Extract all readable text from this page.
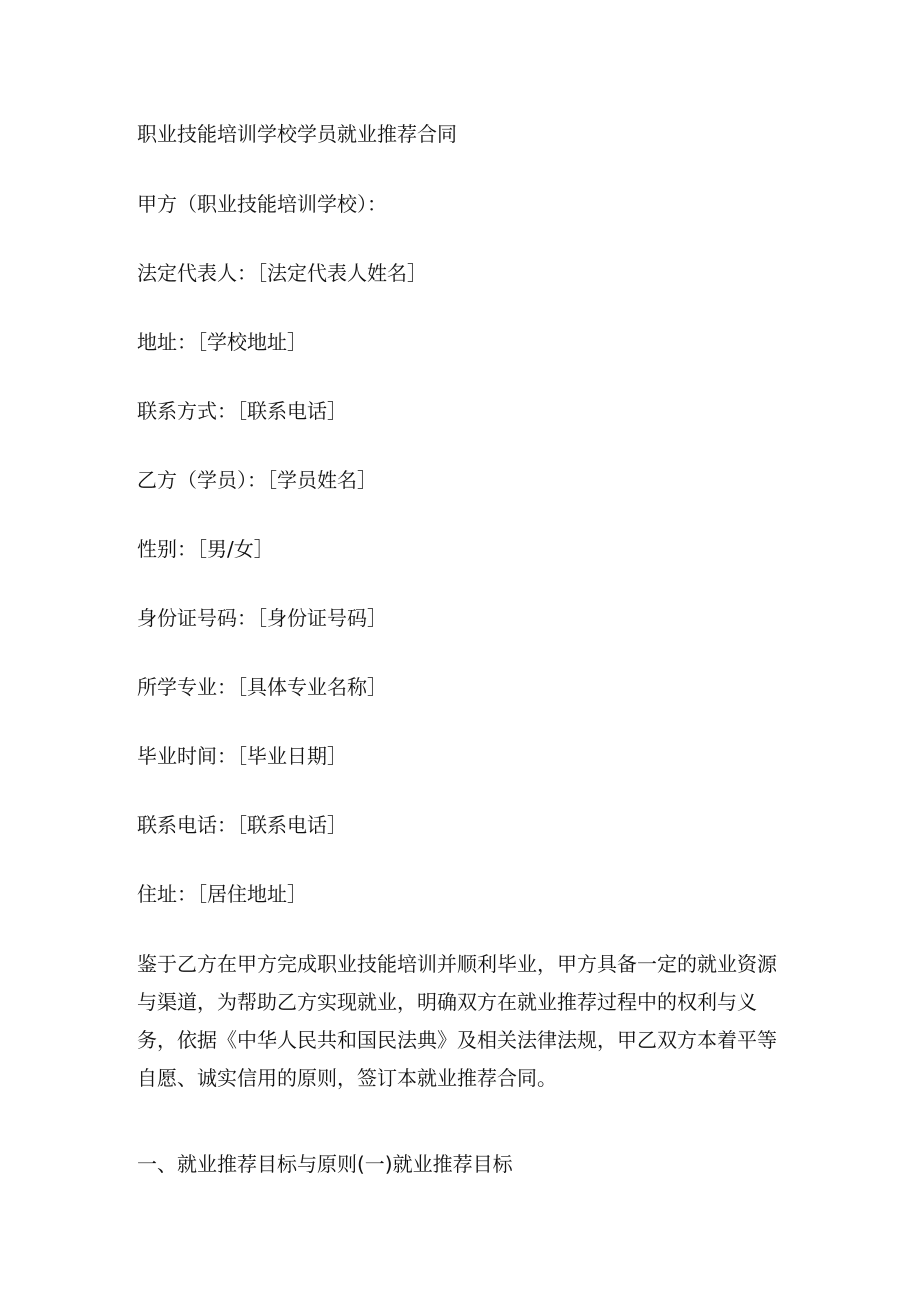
职业技能培训学校学员就业推荐合同
甲方（职业技能培训学校）：
法定代表人：［法定代表人姓名］
地址：［学校地址］
联系方式：［联系电话］
乙方（学员）：［学员姓名］
性别：［男/女］
身份证号码：［身份证号码］
所学专业：［具体专业名称］
毕业时间：［毕业日期］
联系电话：［联系电话］
住址：［居住地址］
鉴于乙方在甲方完成职业技能培训并顺利毕业，甲方具备一定的就业资源
与渠道，为帮助乙方实现就业，明确双方在就业推荐过程中的权利与义
务，依据《中华人民共和国民法典》及相关法律法规，甲乙双方本着平等
自愿、诚实信用的原则，签订本就业推荐合同。
一、就业推荐目标与原则(一)就业推荐目标
